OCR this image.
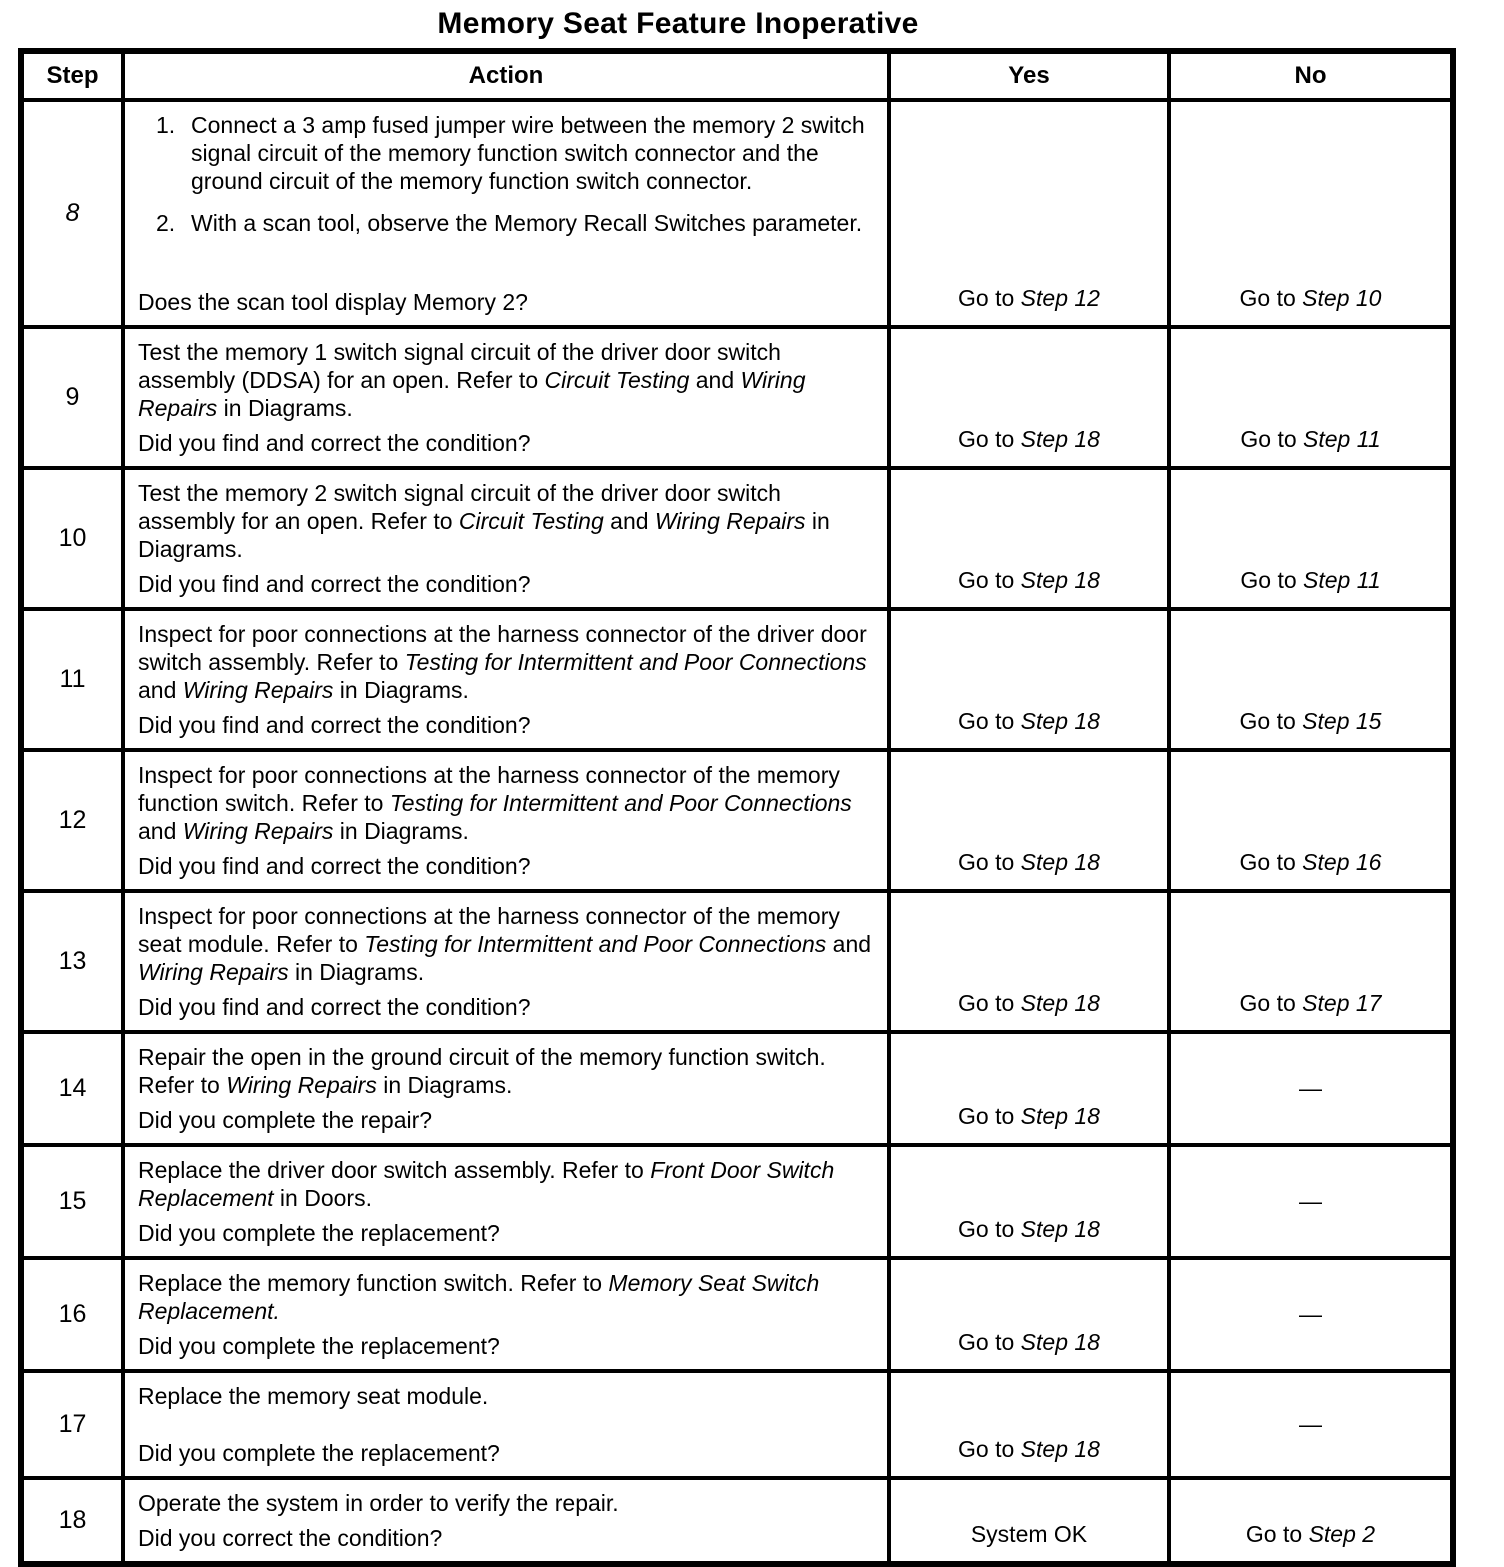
Memory Seat Feature Inoperative
Step	Action	Yes	No
8	1. Connect a 3 amp fused jumper wire between the memory 2 switch signal circuit of the memory function switch connector and the ground circuit of the memory function switch connector.
2. With a scan tool, observe the Memory Recall Switches parameter.
Does the scan tool display Memory 2?	Go to Step 12	Go to Step 10
9	Test the memory 1 switch signal circuit of the driver door switch assembly (DDSA) for an open. Refer to Circuit Testing and Wiring Repairs in Diagrams.
Did you find and correct the condition?	Go to Step 18	Go to Step 11
10	Test the memory 2 switch signal circuit of the driver door switch assembly for an open. Refer to Circuit Testing and Wiring Repairs in Diagrams.
Did you find and correct the condition?	Go to Step 18	Go to Step 11
11	Inspect for poor connections at the harness connector of the driver door switch assembly. Refer to Testing for Intermittent and Poor Connections and Wiring Repairs in Diagrams.
Did you find and correct the condition?	Go to Step 18	Go to Step 15
12	Inspect for poor connections at the harness connector of the memory function switch. Refer to Testing for Intermittent and Poor Connections and Wiring Repairs in Diagrams.
Did you find and correct the condition?	Go to Step 18	Go to Step 16
13	Inspect for poor connections at the harness connector of the memory seat module. Refer to Testing for Intermittent and Poor Connections and Wiring Repairs in Diagrams.
Did you find and correct the condition?	Go to Step 18	Go to Step 17
14	Repair the open in the ground circuit of the memory function switch. Refer to Wiring Repairs in Diagrams.
Did you complete the repair?	Go to Step 18	—
15	Replace the driver door switch assembly. Refer to Front Door Switch Replacement in Doors.
Did you complete the replacement?	Go to Step 18	—
16	Replace the memory function switch. Refer to Memory Seat Switch Replacement.
Did you complete the replacement?	Go to Step 18	—
17	Replace the memory seat module.
Did you complete the replacement?	Go to Step 18	—
18	Operate the system in order to verify the repair.
Did you correct the condition?	System OK	Go to Step 2
